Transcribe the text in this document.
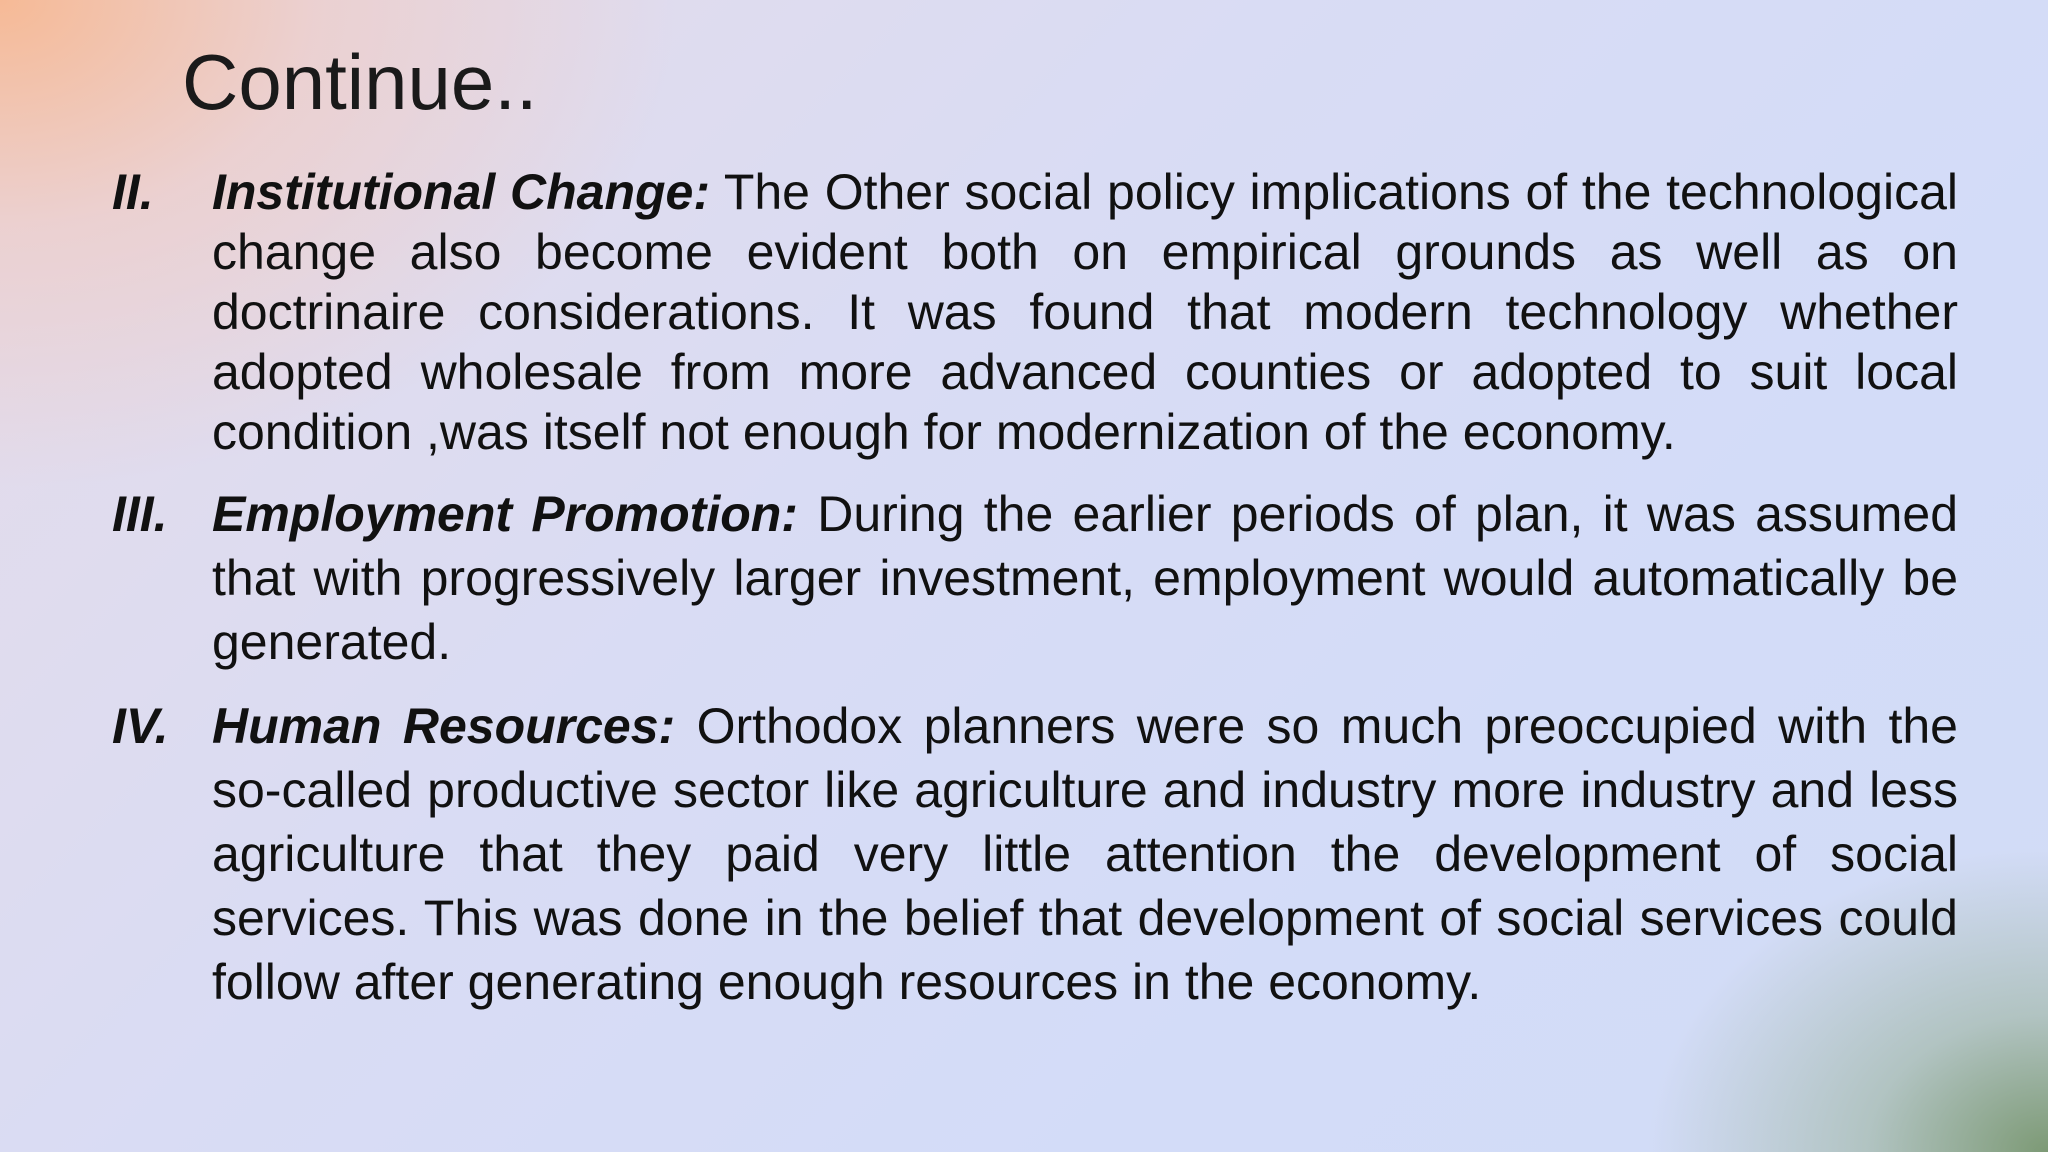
Continue..
II.	Institutional Change: The Other social policy implications of the technological change also become evident both on empirical grounds as well as on doctrinaire considerations. It was found that modern technology whether adopted wholesale from more advanced counties or adopted to suit local condition ,was itself not enough for modernization of the economy.
III. Employment Promotion: During the earlier periods of plan, it was assumed that with progressively larger investment, employment would automatically be generated.
IV. Human Resources: Orthodox planners were so much preoccupied with the so-called productive sector like agriculture and industry more industry and less agriculture that they paid very little attention the development of social services. This was done in the belief that development of social services could follow after generating enough resources in the economy.
